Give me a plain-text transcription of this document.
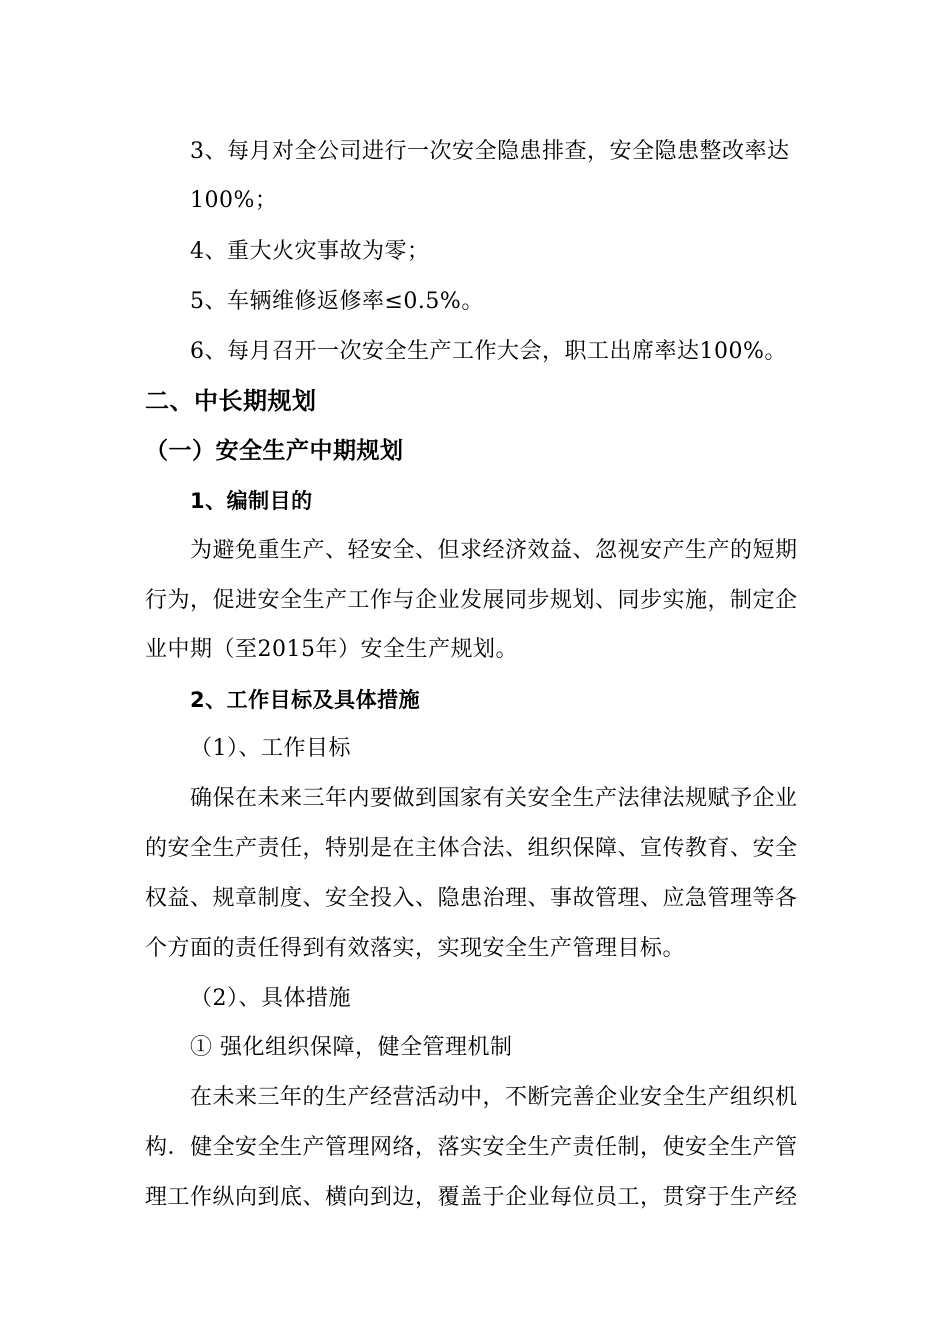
3、每月对全公司进行一次安全隐患排查，安全隐患整改率达
100%；
4、重大火灾事故为零；
5、车辆维修返修率≤0.5%。
6、每月召开一次安全生产工作大会，职工出席率达100%。
二、中长期规划
（一）安全生产中期规划
1、编制目的
为避免重生产、轻安全、但求经济效益、忽视安产生产的短期
行为，促进安全生产工作与企业发展同步规划、同步实施，制定企
业中期（至2015年）安全生产规划。
2、工作目标及具体措施
（1）、工作目标
确保在未来三年内要做到国家有关安全生产法律法规赋予企业
的安全生产责任，特别是在主体合法、组织保障、宣传教育、安全
权益、规章制度、安全投入、隐患治理、事故管理、应急管理等各
个方面的责任得到有效落实，实现安全生产管理目标。
（2）、具体措施
① 强化组织保障，健全管理机制
在未来三年的生产经营活动中，不断完善企业安全生产组织机
构．健全安全生产管理网络，落实安全生产责任制，使安全生产管
理工作纵向到底、横向到边，覆盖于企业每位员工，贯穿于生产经
